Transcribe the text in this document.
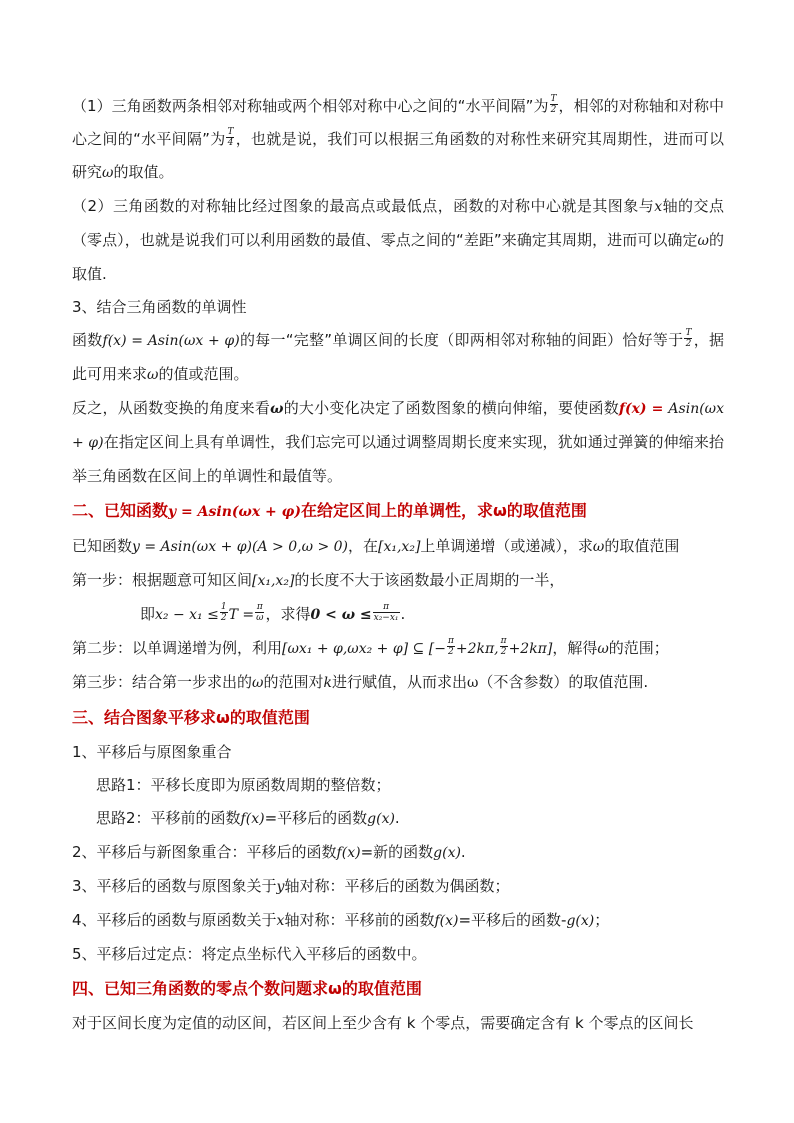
（1）三角函数两条相邻对称轴或两个相邻对称中心之间的“水平间隔”为 $\frac{T}{2}$ ，相邻的对称轴和对称中心之间的“水平间隔”为 $\frac{T}{4}$ ，也就是说，我们可以根据三角函数的对称性来研究其周期性，进而可以研究ω的取值。

（2）三角函数的对称轴比经过图象的最高点或最低点，函数的对称中心就是其图象与x轴的交点（零点），也就是说我们可以利用函数的最值、零点之间的“差距”来确定其周期，进而可以确定ω的取值.

3、结合三角函数的单调性

函数f(x) = Asin(ωx + φ)的每一“完整”单调区间的长度（即两相邻对称轴的间距）恰好等于 $\frac{T}{2}$ ，据此可用来求ω的值或范围。

反之，从函数变换的角度来看ω的大小变化决定了函数图象的横向伸缩，要使函数f(x) = Asin(ωx + φ)在指定区间上具有单调性，我们忘完可以通过调整周期长度来实现，犹如通过弹簧的伸缩来抬举三角函数在区间上的单调性和最值等。

二、已知函数y = Asin(ωx + φ)在给定区间上的单调性，求ω的取值范围

已知函数y = Asin(ωx + φ)(A > 0,ω > 0)，在[x₁,x₂]上单调递增（或递减），求ω的取值范围

第一步：根据题意可知区间[x₁,x₂]的长度不大于该函数最小正周期的一半，

即$x_2 - x_1 \le \frac{1}{2}$ $T = \frac{\pi}{\omega}$ ，求得$0 < \omega \le \frac{\pi}{\text{x₂−x₁}}$ .

第二步：以单调递增为例，利用[ωx₁ + φ,ωx₂ + φ] ⊆ [− $\frac{\pi}{2} +2k\pi$, $\frac{\pi}{2} +2k\pi$]，解得ω的范围；

第三步：结合第一步求出的ω的范围对k进行赋值，从而求出ω（不含参数）的取值范围.

三、结合图象平移求ω的取值范围

1、平移后与原图象重合

思路1：平移长度即为原函数周期的整倍数；

思路2：平移前的函数f(x)=平移后的函数g(x).

2、平移后与新图象重合：平移后的函数f(x)=新的函数g(x).

3、平移后的函数与原图象关于y轴对称：平移后的函数为偶函数；

4、平移后的函数与原函数关于x轴对称：平移前的函数f(x)=平移后的函数-g(x)；

5、平移后过定点：将定点坐标代入平移后的函数中。

四、已知三角函数的零点个数问题求ω的取值范围

对于区间长度为定值的动区间，若区间上至少含有 k 个零点，需要确定含有 k 个零点的区间长
